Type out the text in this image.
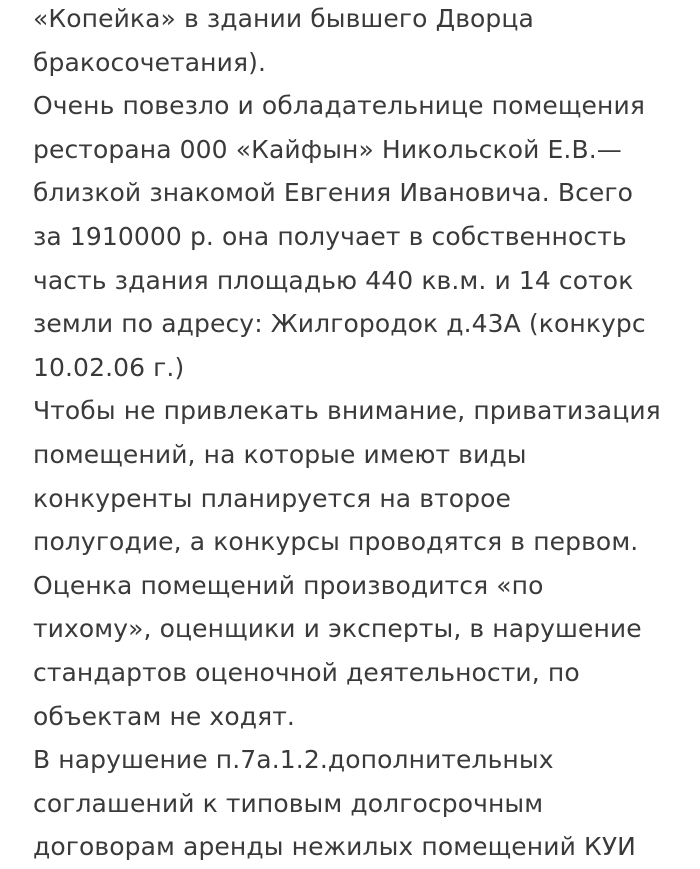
«Копейка» в здании бывшего Дворца
бракосочетания).
Очень повезло и обладательнице помещения
ресторана 000 «Кайфын» Никольской Е.В.—
близкой знакомой Евгения Ивановича. Всего
за 1910000 р. она получает в собственность
часть здания площадью 440 кв.м. и 14 соток
земли по адресу: Жилгородок д.43А (конкурс
10.02.06 г.)
Чтобы не привлекать внимание, приватизация
помещений, на которые имеют виды
конкуренты планируется на второе
полугодие, а конкурсы проводятся в первом.
Оценка помещений производится «по
тихому», оценщики и эксперты, в нарушение
стандартов оценочной деятельности, по
объектам не ходят.
В нарушение п.7а.1.2.дополнительных
соглашений к типовым долгосрочным
договорам аренды нежилых помещений КУИ
